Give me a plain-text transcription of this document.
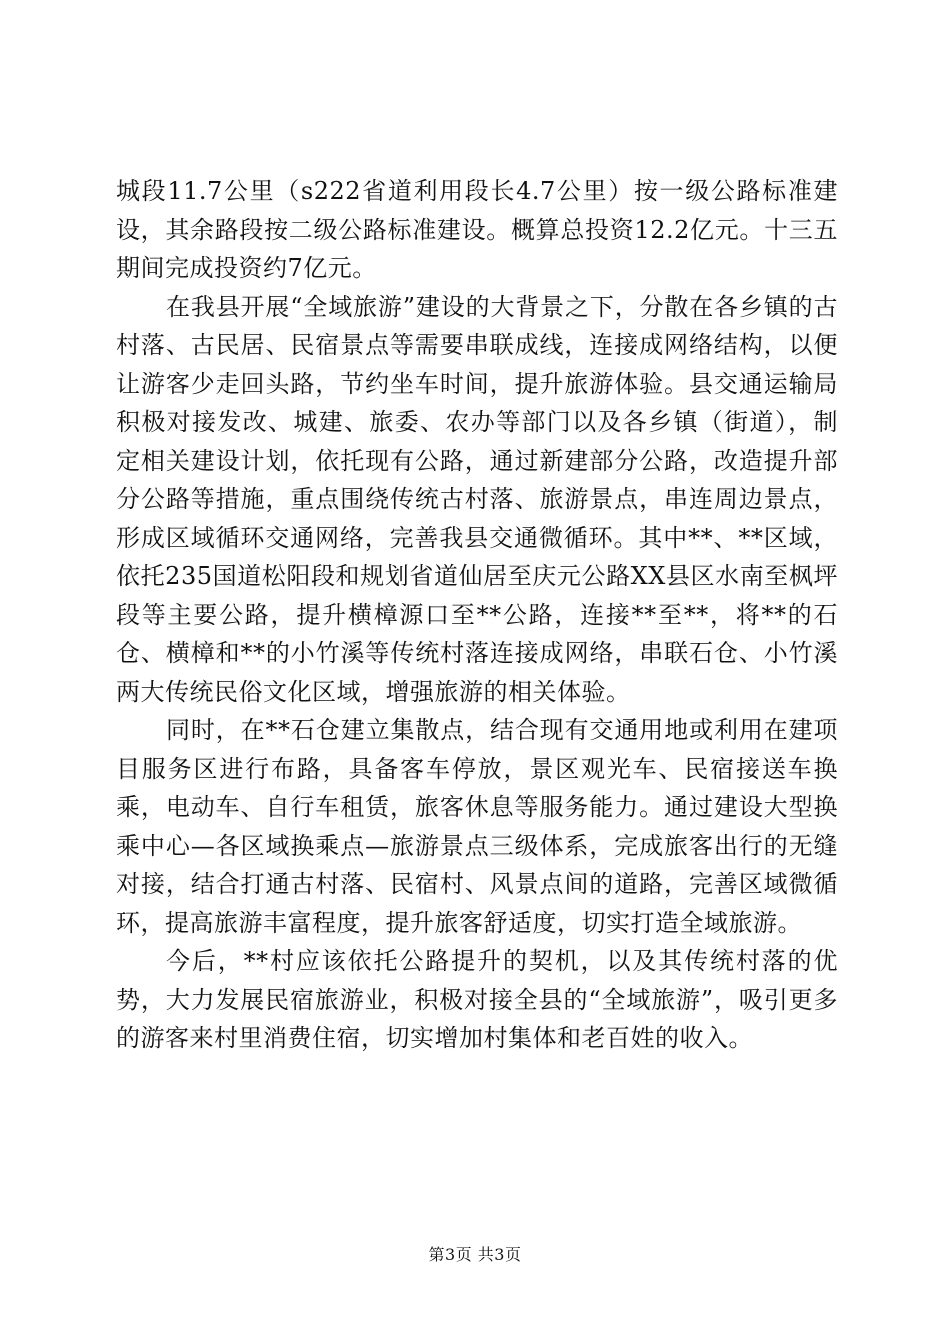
城段11.7公里（s222省道利用段长4.7公里）按一级公路标准建设，其余路段按二级公路标准建设。概算总投资12.2亿元。十三五期间完成投资约7亿元。

在我县开展“全域旅游”建设的大背景之下，分散在各乡镇的古村落、古民居、民宿景点等需要串联成线，连接成网络结构，以便让游客少走回头路，节约坐车时间，提升旅游体验。县交通运输局积极对接发改、城建、旅委、农办等部门以及各乡镇（街道），制定相关建设计划，依托现有公路，通过新建部分公路，改造提升部分公路等措施，重点围绕传统古村落、旅游景点，串连周边景点，形成区域循环交通网络，完善我县交通微循环。其中**、**区域，依托235国道松阳段和规划省道仙居至庆元公路XX县区水南至枫坪段等主要公路，提升横樟源口至**公路，连接**至**，将**的石仓、横樟和**的小竹溪等传统村落连接成网络，串联石仓、小竹溪两大传统民俗文化区域，增强旅游的相关体验。

同时，在**石仓建立集散点，结合现有交通用地或利用在建项目服务区进行布路，具备客车停放，景区观光车、民宿接送车换乘，电动车、自行车租赁，旅客休息等服务能力。通过建设大型换乘中心—各区域换乘点—旅游景点三级体系，完成旅客出行的无缝对接，结合打通古村落、民宿村、风景点间的道路，完善区域微循环，提高旅游丰富程度，提升旅客舒适度，切实打造全域旅游。

今后，**村应该依托公路提升的契机，以及其传统村落的优势，大力发展民宿旅游业，积极对接全县的“全域旅游”，吸引更多的游客来村里消费住宿，切实增加村集体和老百姓的收入。

第3页 共3页
